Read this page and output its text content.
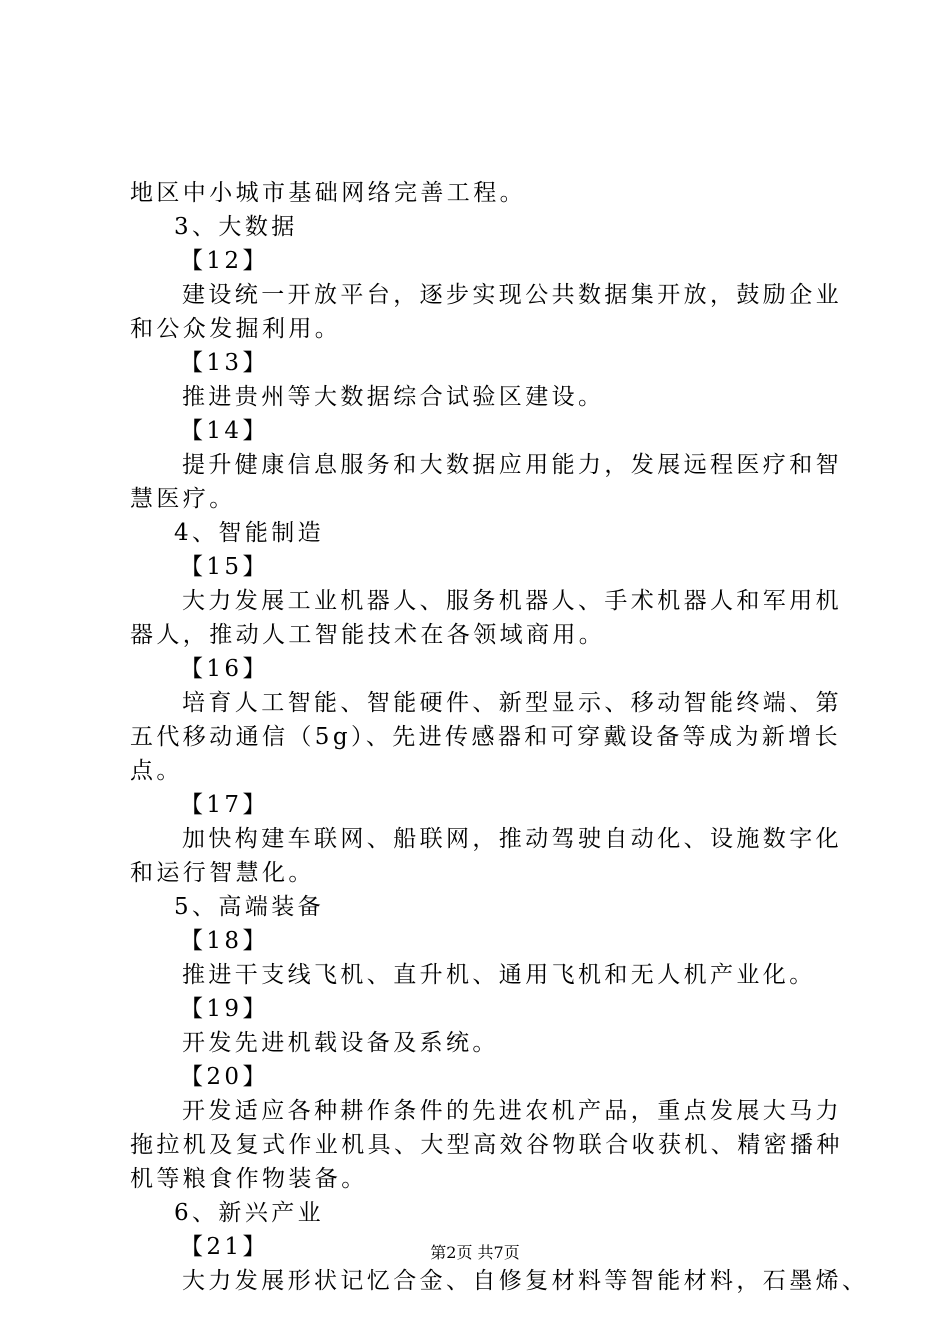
地区中小城市基础网络完善工程。
3、大数据
【12】
建设统一开放平台，逐步实现公共数据集开放，鼓励企业
和公众发掘利用。
【13】
推进贵州等大数据综合试验区建设。
【14】
提升健康信息服务和大数据应用能力，发展远程医疗和智
慧医疗。
4、智能制造
【15】
大力发展工业机器人、服务机器人、手术机器人和军用机
器人，推动人工智能技术在各领域商用。
【16】
培育人工智能、智能硬件、新型显示、移动智能终端、第
五代移动通信（5g）、先进传感器和可穿戴设备等成为新增长
点。
【17】
加快构建车联网、船联网，推动驾驶自动化、设施数字化
和运行智慧化。
5、高端装备
【18】
推进干支线飞机、直升机、通用飞机和无人机产业化。
【19】
开发先进机载设备及系统。
【20】
开发适应各种耕作条件的先进农机产品，重点发展大马力
拖拉机及复式作业机具、大型高效谷物联合收获机、精密播种
机等粮食作物装备。
6、新兴产业
【21】
大力发展形状记忆合金、自修复材料等智能材料，石墨烯、
第2页 共7页
